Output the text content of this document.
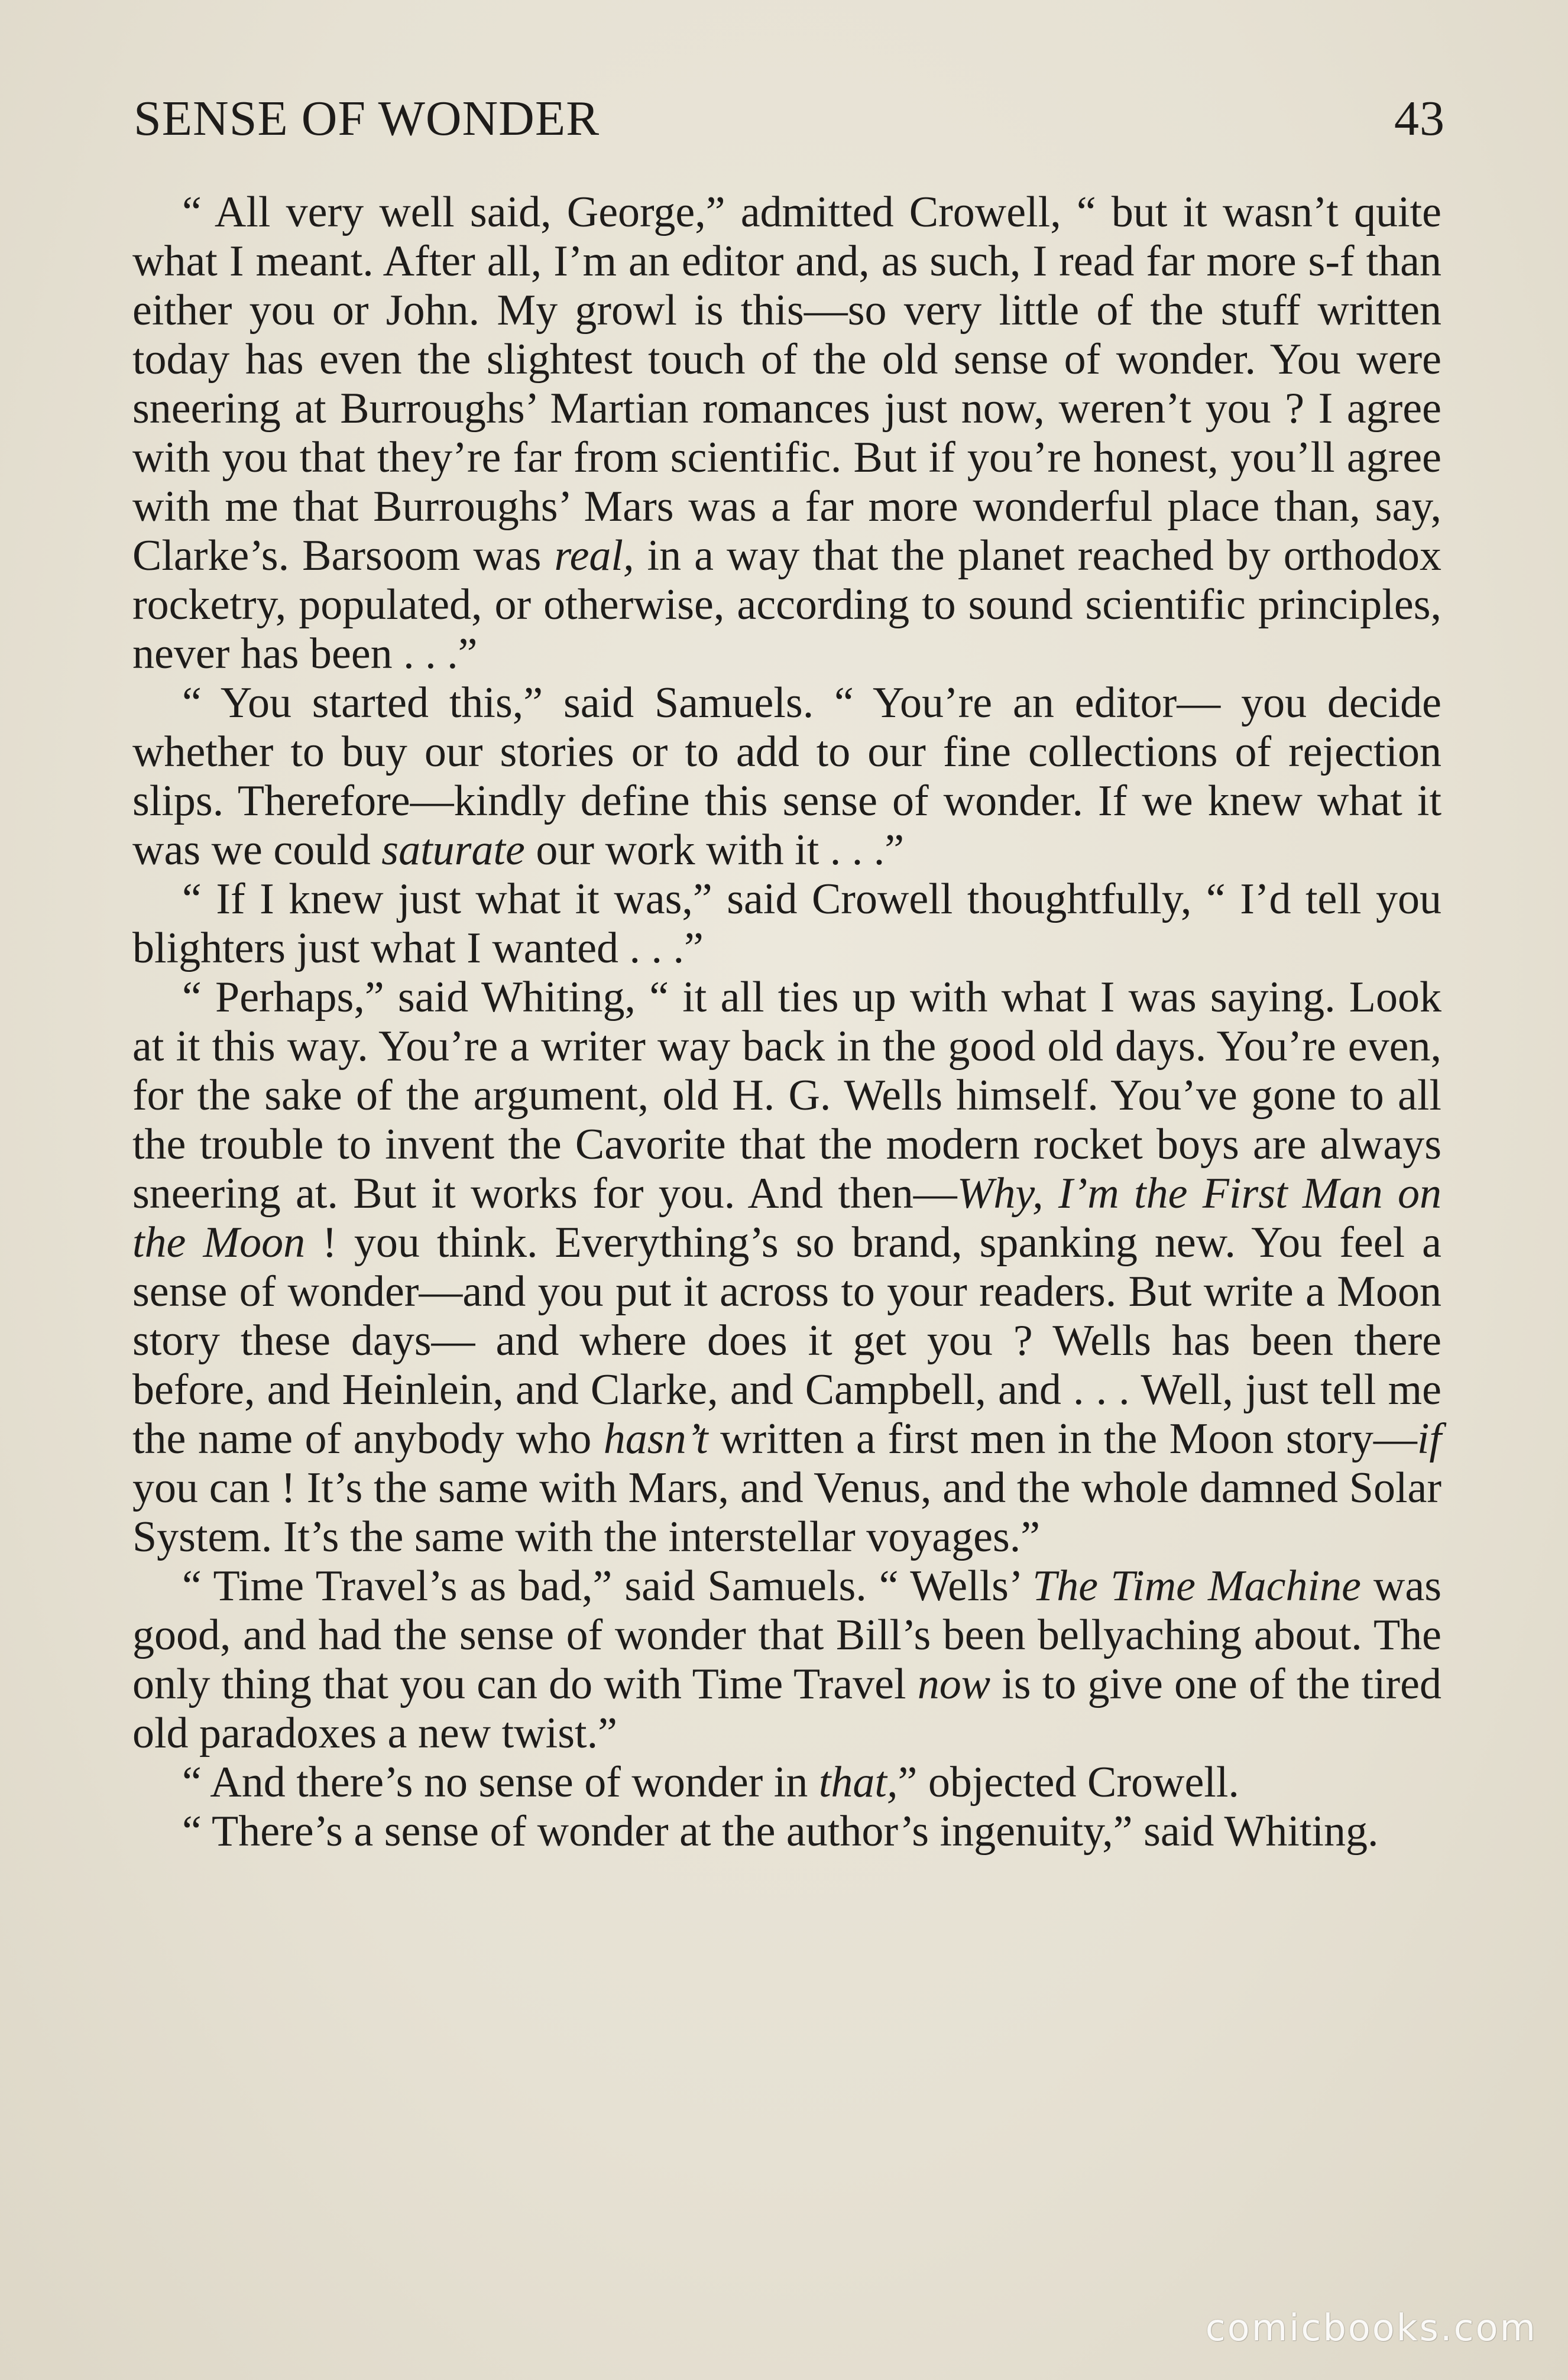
SENSE OF WONDER	43

“ All very well said, George,” admitted Crowell, “ but it wasn’t quite what I meant. After all, I’m an editor and, as such, I read far more s-f than either you or John. My growl is this—so very little of the stuff written today has even the slightest touch of the old sense of wonder. You were sneering at Burroughs’ Martian romances just now, weren’t you ? I agree with you that they’re far from scientific. But if you’re honest, you’ll agree with me that Burroughs’ Mars was a far more wonderful place than, say, Clarke’s. Barsoom was real, in a way that the planet reached by orthodox rocketry, populated, or otherwise, according to sound scientific principles, never has been . . .”

“ You started this,” said Samuels. “ You’re an editor— you decide whether to buy our stories or to add to our fine collections of rejection slips. Therefore—kindly define this sense of wonder. If we knew what it was we could saturate our work with it . . .”

“ If I knew just what it was,” said Crowell thoughtfully, “ I’d tell you blighters just what I wanted . . .”

“ Perhaps,” said Whiting, “ it all ties up with what I was saying. Look at it this way. You’re a writer way back in the good old days. You’re even, for the sake of the argument, old H. G. Wells himself. You’ve gone to all the trouble to invent the Cavorite that the modern rocket boys are always sneering at. But it works for you. And then—Why, I’m the First Man on the Moon ! you think. Everything’s so brand, spanking new. You feel a sense of wonder—and you put it across to your readers. But write a Moon story these days— and where does it get you ? Wells has been there before, and Heinlein, and Clarke, and Campbell, and . . . Well, just tell me the name of anybody who hasn’t written a first men in the Moon story—if you can ! It’s the same with Mars, and Venus, and the whole damned Solar System. It’s the same with the interstellar voyages.”

“ Time Travel’s as bad,” said Samuels. “ Wells’ The Time Machine was good, and had the sense of wonder that Bill’s been bellyaching about. The only thing that you can do with Time Travel now is to give one of the tired old paradoxes a new twist.”

“ And there’s no sense of wonder in that,” objected Crowell.

“ There’s a sense of wonder at the author’s ingenuity,” said Whiting.

comicbooks.com
